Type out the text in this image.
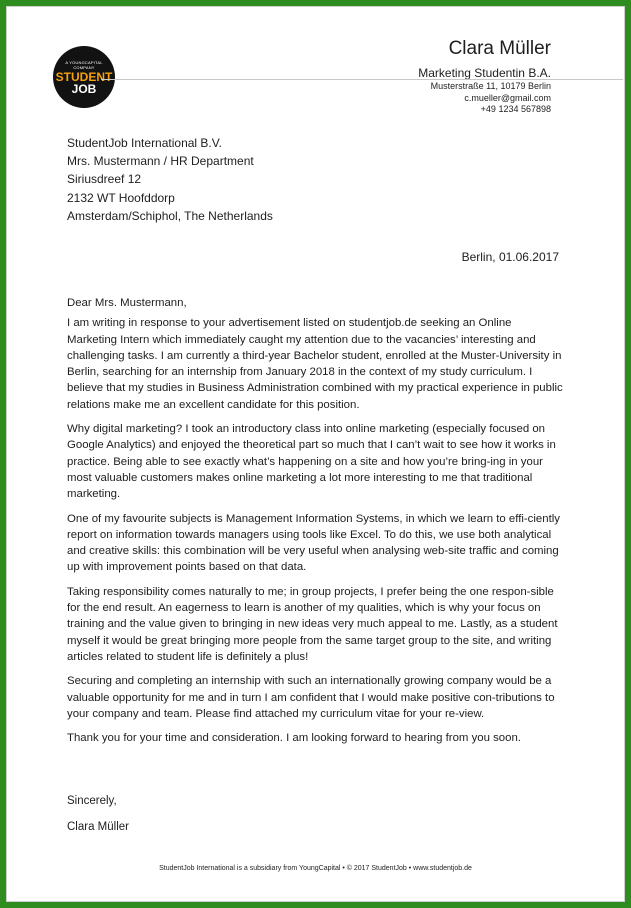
A YOUNGCAPITAL COMPANY
STUDENT
JOB
Clara Müller
Marketing Studentin B.A.
Musterstraße 11, 10179 Berlin
c.mueller@gmail.com
+49 1234 567898
StudentJob International B.V.
Mrs. Mustermann / HR Department
Siriusdreef 12
2132 WT Hoofddorp
Amsterdam/Schiphol, The Netherlands
Berlin, 01.06.2017

Dear Mrs. Mustermann,

I am writing in response to your advertisement listed on studentjob.de seeking an Online Marketing Intern which immediately caught my attention due to the vacancies’ interesting and challenging tasks. I am currently a third-year Bachelor student, enrolled at the Muster-University in Berlin, searching for an internship from January 2018 in the context of my study curriculum. I believe that my studies in Business Administration combined with my practical experience in public relations make me an excellent candidate for this position.

Why digital marketing? I took an introductory class into online marketing (especially focused on Google Analytics) and enjoyed the theoretical part so much that I can’t wait to see how it works in practice. Being able to see exactly what’s happening on a site and how you’re bring-ing in your most valuable customers makes online marketing a lot more interesting to me that traditional marketing.

One of my favourite subjects is Management Information Systems, in which we learn to effi-ciently report on information towards managers using tools like Excel. To do this, we use both analytical and creative skills: this combination will be very useful when analysing web-site traffic and coming up with improvement points based on that data.

Taking responsibility comes naturally to me; in group projects, I prefer being the one respon-sible for the end result. An eagerness to learn is another of my qualities, which is why your focus on training and the value given to bringing in new ideas very much appeal to me. Lastly, as a student myself it would be great bringing more people from the same target group to the site, and writing articles related to student life is definitely a plus!

Securing and completing an internship with such an internationally growing company would be a valuable opportunity for me and in turn I am confident that I would make positive con-tributions to your company and team. Please find attached my curriculum vitae for your re-view.

Thank you for your time and consideration. I am looking forward to hearing from you soon.

Sincerely,
Clara Müller
StudentJob International is a subsidiary from YoungCapital • © 2017 StudentJob • www.studentjob.de
